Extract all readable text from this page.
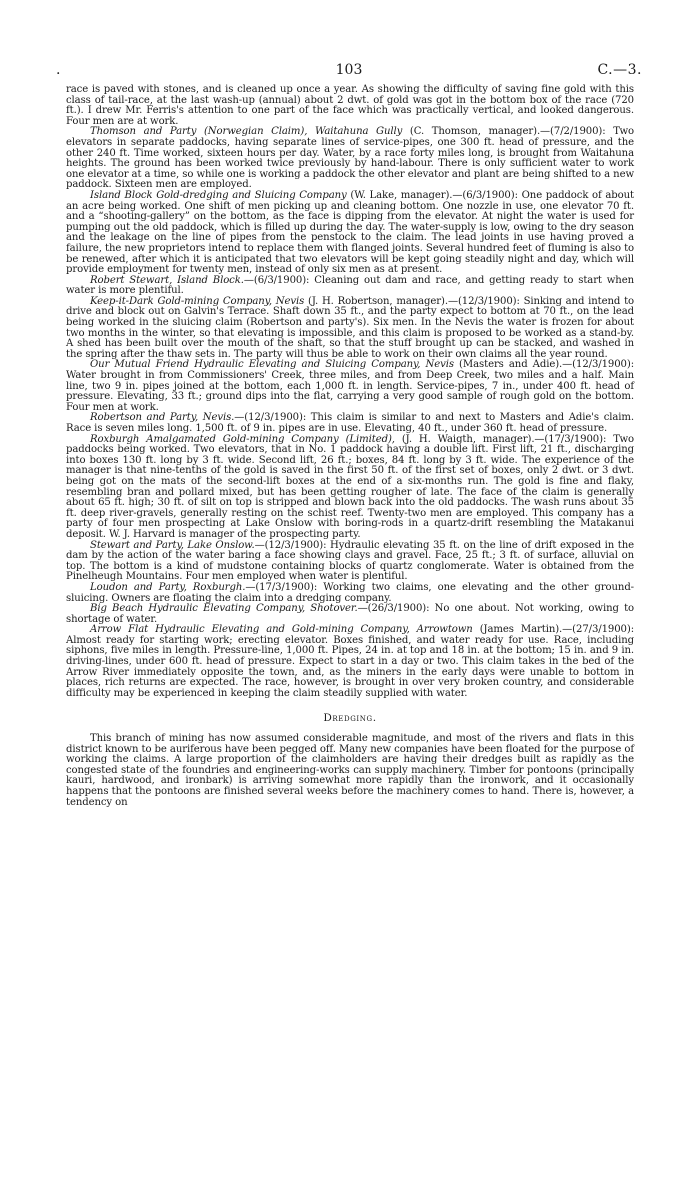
.	103	C.—3.

race is paved with stones, and is cleaned up once a year. As showing the difficulty of saving fine gold with this class of tail-race, at the last wash-up (annual) about 2 dwt. of gold was got in the bottom box of the race (720 ft.). I drew Mr. Ferris's attention to one part of the face which was practically vertical, and looked dangerous. Four men are at work.

Thomson and Party (Norwegian Claim), Waitahuna Gully (C. Thomson, manager).—(7/2/1900): Two elevators in separate paddocks, having separate lines of service-pipes, one 300 ft. head of pressure, and the other 240 ft. Time worked, sixteen hours per day. Water, by a race forty miles long, is brought from Waitahuna heights. The ground has been worked twice previously by hand-labour. There is only sufficient water to work one elevator at a time, so while one is working a paddock the other elevator and plant are being shifted to a new paddock. Sixteen men are employed.

Island Block Gold-dredging and Sluicing Company (W. Lake, manager).—(6/3/1900): One paddock of about an acre being worked. One shift of men picking up and cleaning bottom. One nozzle in use, one elevator 70 ft. and a “shooting-gallery” on the bottom, as the face is dipping from the elevator. At night the water is used for pumping out the old paddock, which is filled up during the day. The water-supply is low, owing to the dry season and the leakage on the line of pipes from the penstock to the claim. The lead joints in use having proved a failure, the new proprietors intend to replace them with flanged joints. Several hundred feet of fluming is also to be renewed, after which it is anticipated that two elevators will be kept going steadily night and day, which will provide employment for twenty men, instead of only six men as at present.

Robert Stewart, Island Block.—(6/3/1900): Cleaning out dam and race, and getting ready to start when water is more plentiful.

Keep-it-Dark Gold-mining Company, Nevis (J. H. Robertson, manager).—(12/3/1900): Sinking and intend to drive and block out on Galvin's Terrace. Shaft down 35 ft., and the party expect to bottom at 70 ft., on the lead being worked in the sluicing claim (Robertson and party's). Six men. In the Nevis the water is frozen for about two months in the winter, so that elevating is impossible, and this claim is proposed to be worked as a stand-by. A shed has been built over the mouth of the shaft, so that the stuff brought up can be stacked, and washed in the spring after the thaw sets in. The party will thus be able to work on their own claims all the year round.

Our Mutual Friend Hydraulic Elevating and Sluicing Company, Nevis (Masters and Adie).—(12/3/1900): Water brought in from Commissioners' Creek, three miles, and from Deep Creek, two miles and a half. Main line, two 9 in. pipes joined at the bottom, each 1,000 ft. in length. Service-pipes, 7 in., under 400 ft. head of pressure. Elevating, 33 ft.; ground dips into the flat, carrying a very good sample of rough gold on the bottom. Four men at work.

Robertson and Party, Nevis.—(12/3/1900): This claim is similar to and next to Masters and Adie's claim. Race is seven miles long. 1,500 ft. of 9 in. pipes are in use. Elevating, 40 ft., under 360 ft. head of pressure.

Roxburgh Amalgamated Gold-mining Company (Limited), (J. H. Waigth, manager).—(17/3/1900): Two paddocks being worked. Two elevators, that in No. 1 paddock having a double lift. First lift, 21 ft., discharging into boxes 130 ft. long by 3 ft. wide. Second lift, 26 ft.; boxes, 84 ft. long by 3 ft. wide. The experience of the manager is that nine-tenths of the gold is saved in the first 50 ft. of the first set of boxes, only 2 dwt. or 3 dwt. being got on the mats of the second-lift boxes at the end of a six-months run. The gold is fine and flaky, resembling bran and pollard mixed, but has been getting rougher of late. The face of the claim is generally about 65 ft. high; 30 ft. of silt on top is stripped and blown back into the old paddocks. The wash runs about 35 ft. deep river-gravels, generally resting on the schist reef. Twenty-two men are employed. This company has a party of four men prospecting at Lake Onslow with boring-rods in a quartz-drift resembling the Matakanui deposit. W. J. Harvard is manager of the prospecting party.

Stewart and Party, Lake Onslow.—(12/3/1900): Hydraulic elevating 35 ft. on the line of drift exposed in the dam by the action of the water baring a face showing clays and gravel. Face, 25 ft.; 3 ft. of surface, alluvial on top. The bottom is a kind of mudstone containing blocks of quartz conglomerate. Water is obtained from the Pinelheugh Mountains. Four men employed when water is plentiful.

Loudon and Party, Roxburgh.—(17/3/1900): Working two claims, one elevating and the other ground-sluicing. Owners are floating the claim into a dredging company.

Big Beach Hydraulic Elevating Company, Shotover.—(26/3/1900): No one about. Not working, owing to shortage of water.

Arrow Flat Hydraulic Elevating and Gold-mining Company, Arrowtown (James Martin).—(27/3/1900): Almost ready for starting work; erecting elevator. Boxes finished, and water ready for use. Race, including siphons, five miles in length. Pressure-line, 1,000 ft. Pipes, 24 in. at top and 18 in. at the bottom; 15 in. and 9 in. driving-lines, under 600 ft. head of pressure. Expect to start in a day or two. This claim takes in the bed of the Arrow River immediately opposite the town, and, as the miners in the early days were unable to bottom in places, rich returns are expected. The race, however, is brought in over very broken country, and considerable difficulty may be experienced in keeping the claim steadily supplied with water.

Dredging.

This branch of mining has now assumed considerable magnitude, and most of the rivers and flats in this district known to be auriferous have been pegged off. Many new companies have been floated for the purpose of working the claims. A large proportion of the claimholders are having their dredges built as rapidly as the congested state of the foundries and engineering-works can supply machinery. Timber for pontoons (principally kauri, hardwood, and ironbark) is arriving somewhat more rapidly than the ironwork, and it occasionally happens that the pontoons are finished several weeks before the machinery comes to hand. There is, however, a tendency on
